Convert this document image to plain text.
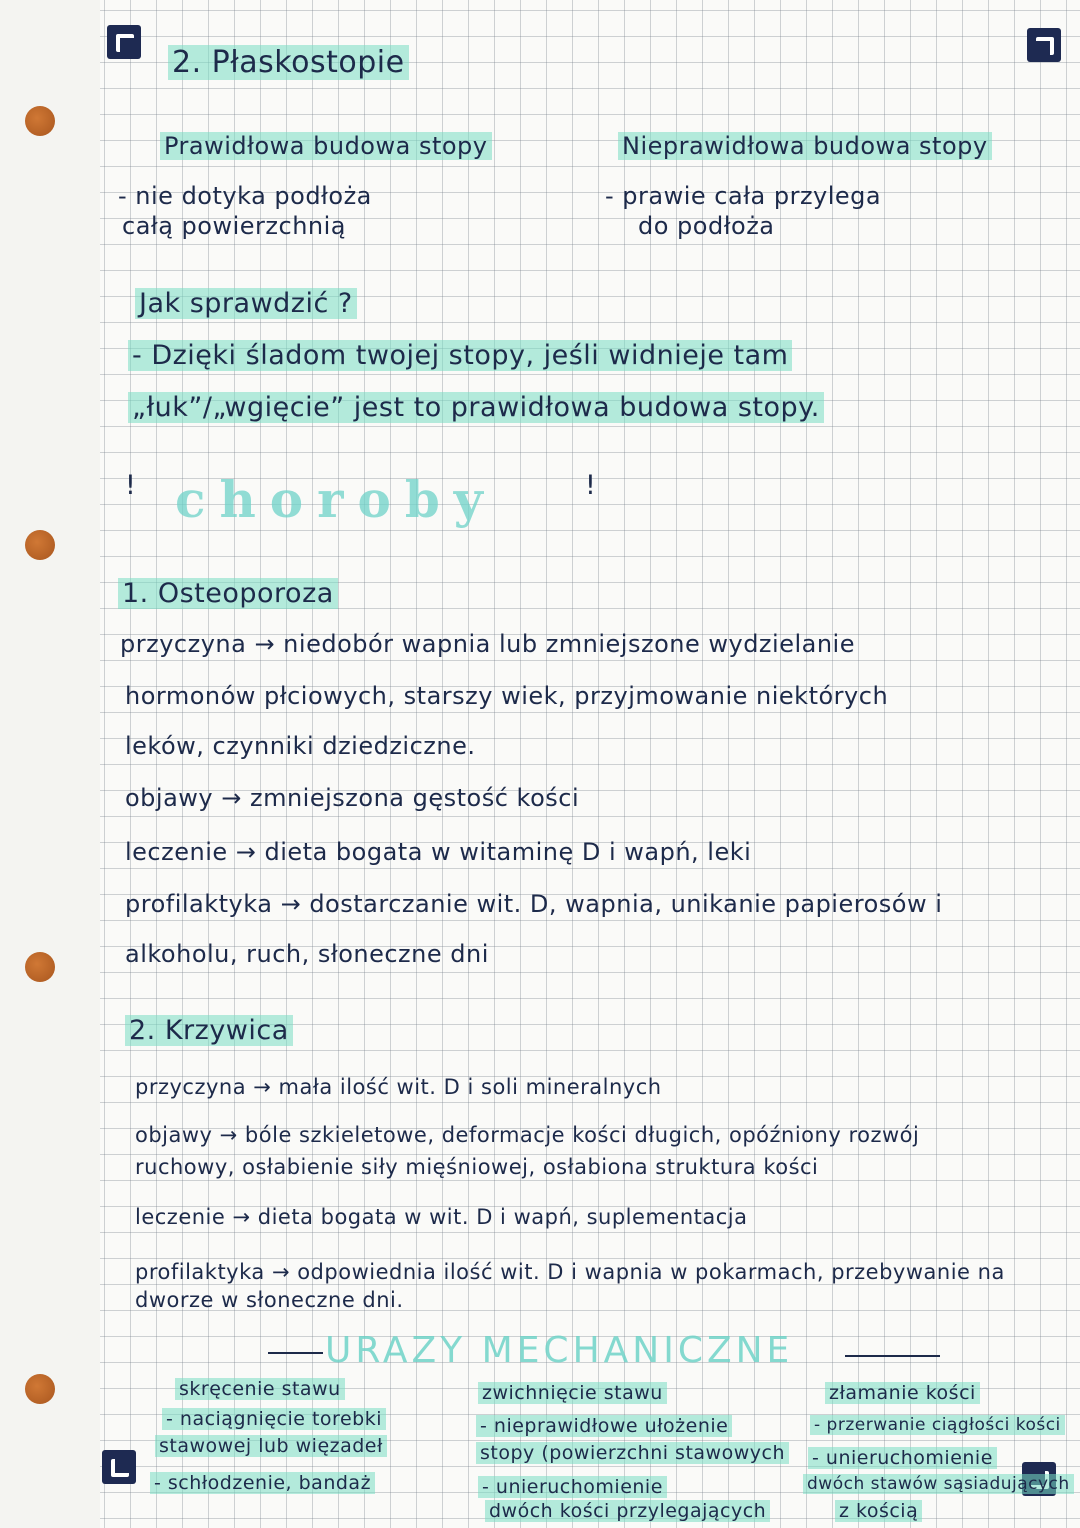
2. Płaskostopie
Prawidłowa budowa stopy
- nie dotyka podłoża
całą powierzchnią
Nieprawidłowa budowa stopy
- prawie cała przylega
do podłoża
Jak sprawdzić ?
- Dzięki śladom twojej stopy, jeśli widnieje tam
„łuk”/„wgięcie” jest to prawidłowa budowa stopy.
! choroby	!
1. Osteoporoza
przyczyna → niedobór wapnia lub zmniejszone wydzielanie
hormonów płciowych, starszy wiek, przyjmowanie niektórych
leków, czynniki dziedziczne.
objawy → zmniejszona gęstość kości
leczenie → dieta bogata w witaminę D i wapń, leki
profilaktyka → dostarczanie wit. D, wapnia, unikanie papierosów i
alkoholu, ruch, słoneczne dni
2. Krzywica
przyczyna → mała ilość wit. D i soli mineralnych
objawy → bóle szkieletowe, deformacje kości długich, opóźniony rozwój
ruchowy, osłabienie siły mięśniowej, osłabiona struktura kości
leczenie → dieta bogata w wit. D i wapń, suplementacja
profilaktyka → odpowiednia ilość wit. D i wapnia w pokarmach, przebywanie na
dworze w słoneczne dni.
URAZY MECHANICZNE
skręcenie stawu
- naciągnięcie torebki
stawowej lub więzadeł
- schłodzenie, bandaż
zwichnięcie stawu
- nieprawidłowe ułożenie
stopy (powierzchni stawowych
- unieruchomienie
dwóch kości przylegających
złamanie kości
- przerwanie ciągłości kości
- unieruchomienie
dwóch stawów sąsiadujących
z kością
